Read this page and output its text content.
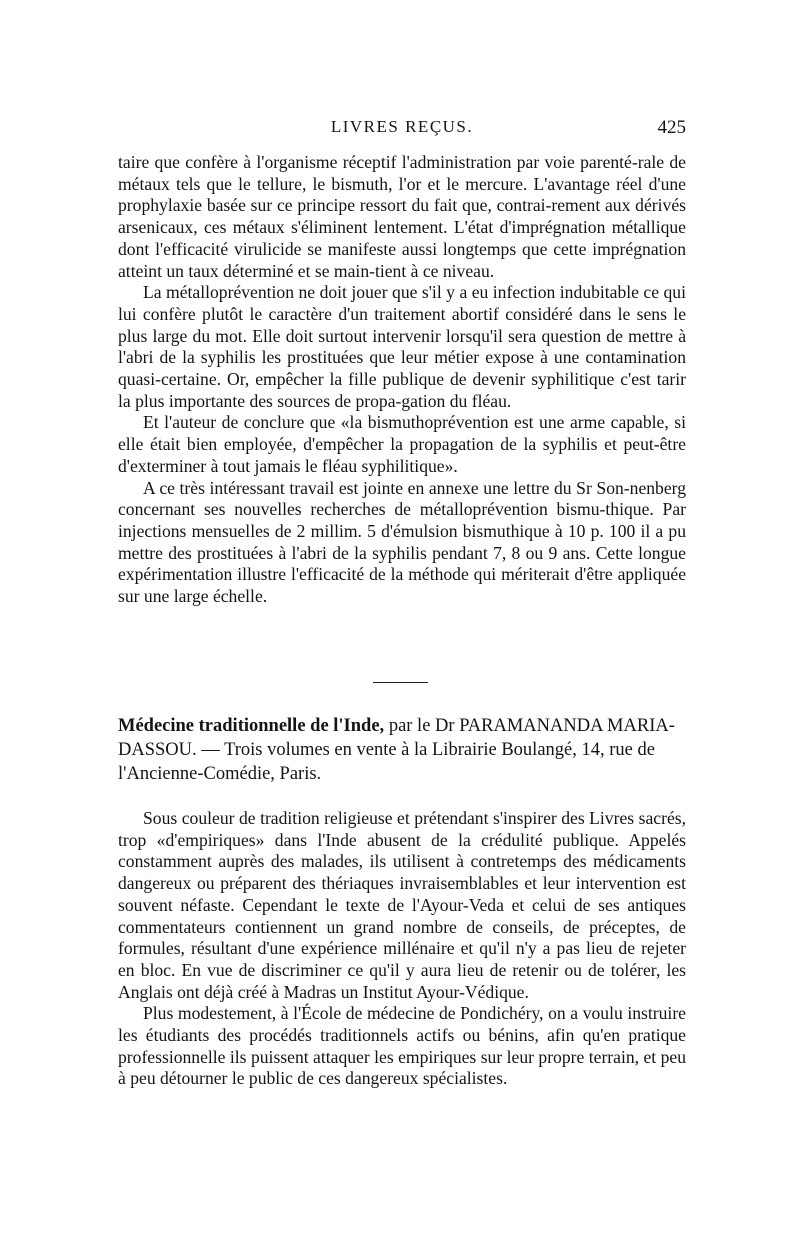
LIVRES REÇUS.	425

taire que confère à l'organisme réceptif l'administration par voie parenté-rale de métaux tels que le tellure, le bismuth, l'or et le mercure. L'avantage réel d'une prophylaxie basée sur ce principe ressort du fait que, contrai-rement aux dérivés arsenicaux, ces métaux s'éliminent lentement. L'état d'imprégnation métallique dont l'efficacité virulicide se manifeste aussi longtemps que cette imprégnation atteint un taux déterminé et se main-tient à ce niveau.

La métalloprévention ne doit jouer que s'il y a eu infection indubitable ce qui lui confère plutôt le caractère d'un traitement abortif considéré dans le sens le plus large du mot. Elle doit surtout intervenir lorsqu'il sera question de mettre à l'abri de la syphilis les prostituées que leur métier expose à une contamination quasi-certaine. Or, empêcher la fille publique de devenir syphilitique c'est tarir la plus importante des sources de propa-gation du fléau.

Et l'auteur de conclure que «la bismuthoprévention est une arme capable, si elle était bien employée, d'empêcher la propagation de la syphilis et peut-être d'exterminer à tout jamais le fléau syphilitique».

A ce très intéressant travail est jointe en annexe une lettre du Sr Son-nenberg concernant ses nouvelles recherches de métalloprévention bismu-thique. Par injections mensuelles de 2 millim. 5 d'émulsion bismuthique à 10 p. 100 il a pu mettre des prostituées à l'abri de la syphilis pendant 7, 8 ou 9 ans. Cette longue expérimentation illustre l'efficacité de la méthode qui mériterait d'être appliquée sur une large échelle.

Médecine traditionnelle de l'Inde, par le Dr PARAMANANDA MARIA-DASSOU. — Trois volumes en vente à la Librairie Boulangé, 14, rue de l'Ancienne-Comédie, Paris.

Sous couleur de tradition religieuse et prétendant s'inspirer des Livres sacrés, trop «d'empiriques» dans l'Inde abusent de la crédulité publique. Appelés constamment auprès des malades, ils utilisent à contretemps des médicaments dangereux ou préparent des thériaques invraisemblables et leur intervention est souvent néfaste. Cependant le texte de l'Ayour-Veda et celui de ses antiques commentateurs contiennent un grand nombre de conseils, de préceptes, de formules, résultant d'une expérience millénaire et qu'il n'y a pas lieu de rejeter en bloc. En vue de discriminer ce qu'il y aura lieu de retenir ou de tolérer, les Anglais ont déjà créé à Madras un Institut Ayour-Védique.

Plus modestement, à l'École de médecine de Pondichéry, on a voulu instruire les étudiants des procédés traditionnels actifs ou bénins, afin qu'en pratique professionnelle ils puissent attaquer les empiriques sur leur propre terrain, et peu à peu détourner le public de ces dangereux spécialistes.
